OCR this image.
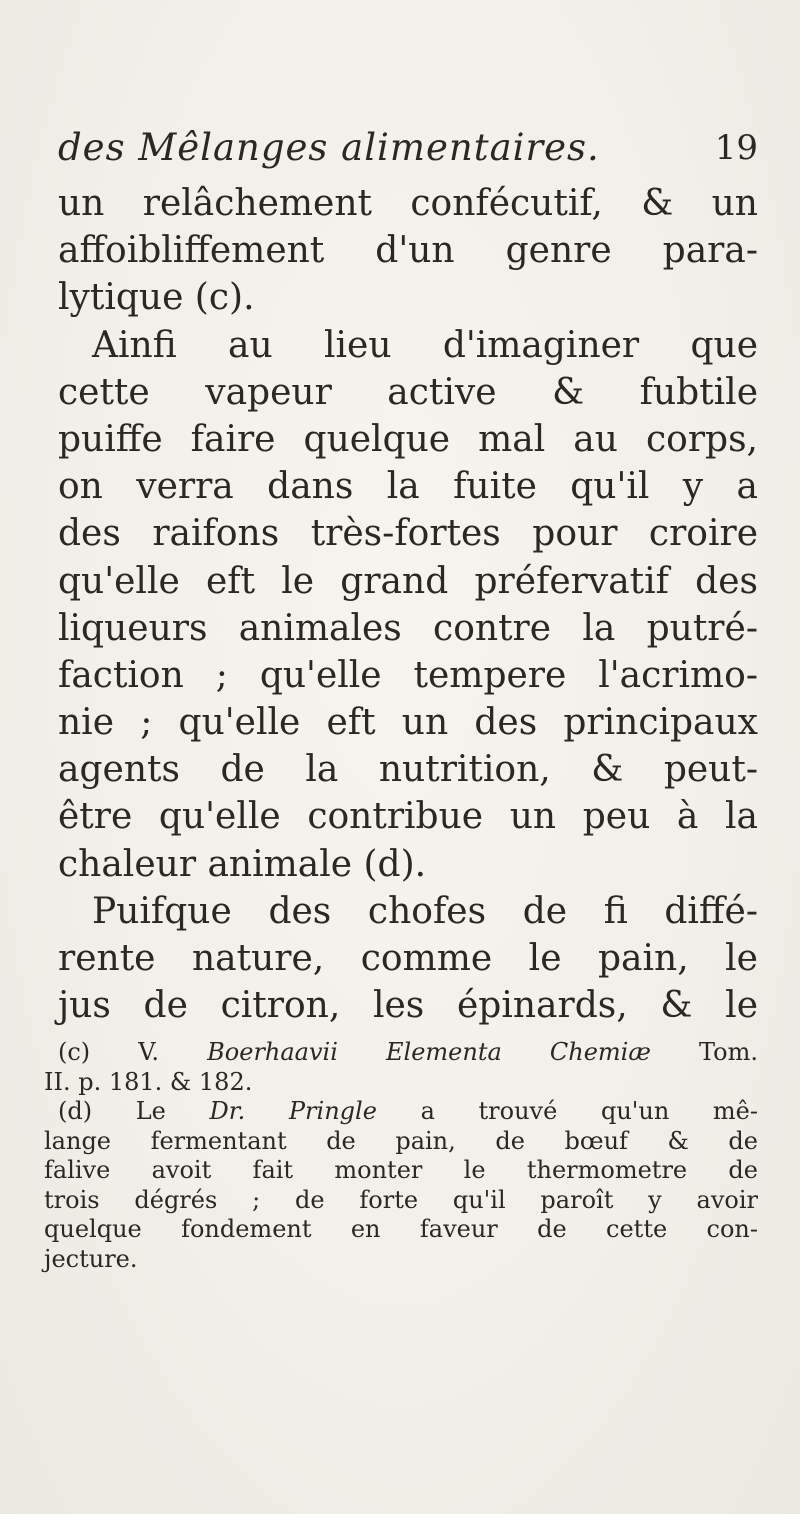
des Mêlanges alimentaires.	19
un relâchement confécutif, & un
affoibliffement d'un genre para-
lytique (c).
Ainfi au lieu d'imaginer que
cette vapeur active & fubtile
puiffe faire quelque mal au corps,
on verra dans la fuite qu'il y a
des raifons très-fortes pour croire
qu'elle eft le grand préfervatif des
liqueurs animales contre la putré-
faction ; qu'elle tempere l'acrimo-
nie ; qu'elle eft un des principaux
agents de la nutrition, & peut-
être qu'elle contribue un peu à la
chaleur animale (d).
Puifque des chofes de fi diffé-
rente nature, comme le pain, le
jus de citron, les épinards, & le
(c) V. Boerhaavii Elementa Chemiæ Tom.
II. p. 181. & 182.
(d) Le Dr. Pringle a trouvé qu'un mê-
lange fermentant de pain, de bœuf & de
falive avoit fait monter le thermometre de
trois dégrés ; de forte qu'il paroît y avoir
quelque fondement en faveur de cette con-
jecture.
